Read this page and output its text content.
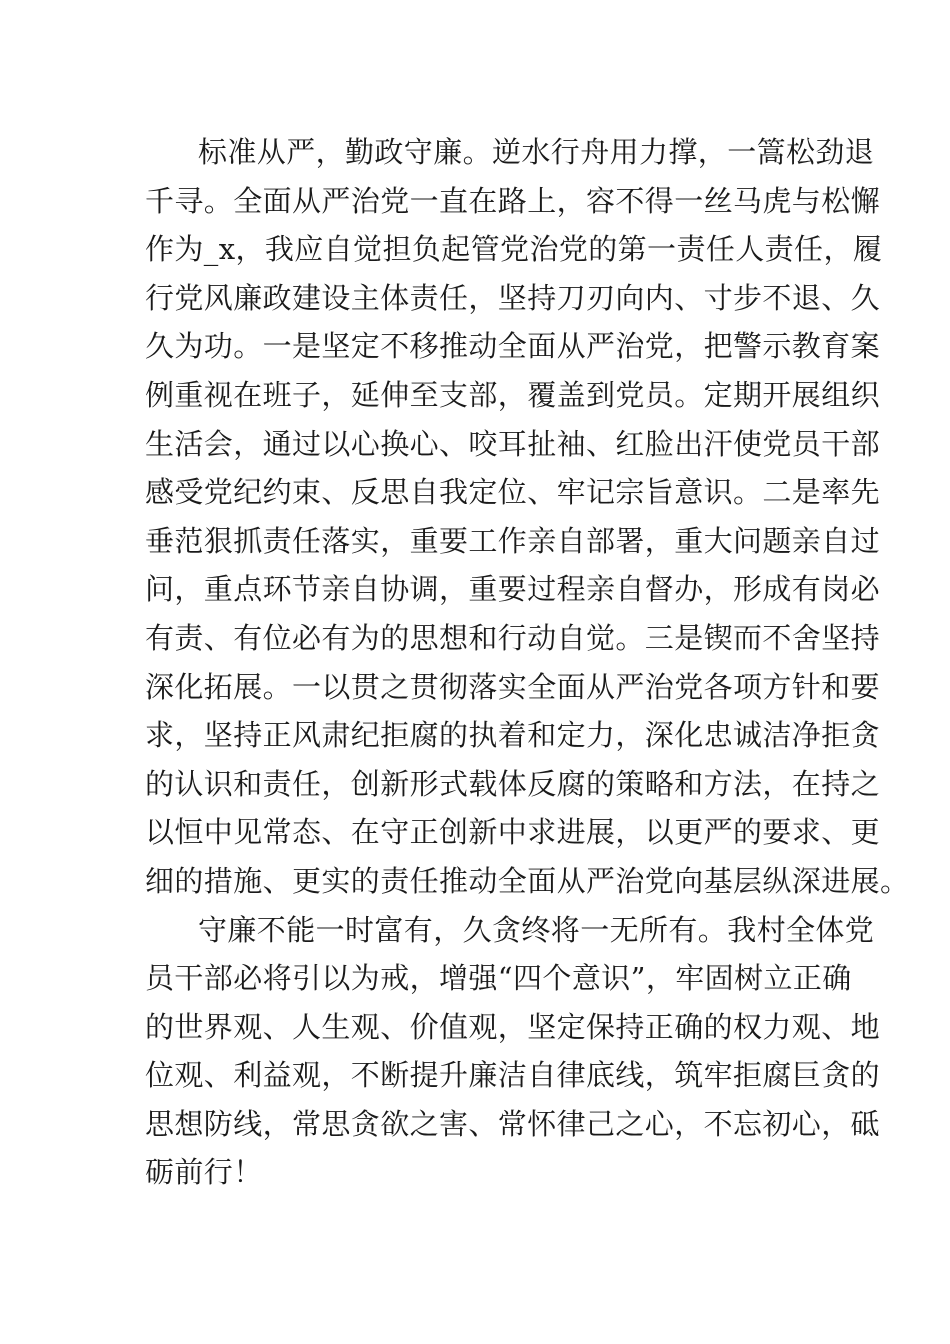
标准从严，勤政守廉。逆水行舟用力撑，一篙松劲退
千寻。全面从严治党一直在路上，容不得一丝马虎与松懈
作为_x，我应自觉担负起管党治党的第一责任人责任，履
行党风廉政建设主体责任，坚持刀刃向内、寸步不退、久
久为功。一是坚定不移推动全面从严治党，把警示教育案
例重视在班子，延伸至支部，覆盖到党员。定期开展组织
生活会，通过以心换心、咬耳扯袖、红脸出汗使党员干部
感受党纪约束、反思自我定位、牢记宗旨意识。二是率先
垂范狠抓责任落实，重要工作亲自部署，重大问题亲自过
问，重点环节亲自协调，重要过程亲自督办，形成有岗必
有责、有位必有为的思想和行动自觉。三是锲而不舍坚持
深化拓展。一以贯之贯彻落实全面从严治党各项方针和要
求，坚持正风肃纪拒腐的执着和定力，深化忠诚洁净拒贪
的认识和责任，创新形式载体反腐的策略和方法，在持之
以恒中见常态、在守正创新中求进展，以更严的要求、更
细的措施、更实的责任推动全面从严治党向基层纵深进展。
守廉不能一时富有，久贪终将一无所有。我村全体党
员干部必将引以为戒，增强“四个意识”，牢固树立正确
的世界观、人生观、价值观，坚定保持正确的权力观、地
位观、利益观，不断提升廉洁自律底线，筑牢拒腐巨贪的
思想防线，常思贪欲之害、常怀律己之心，不忘初心，砥
砺前行！
